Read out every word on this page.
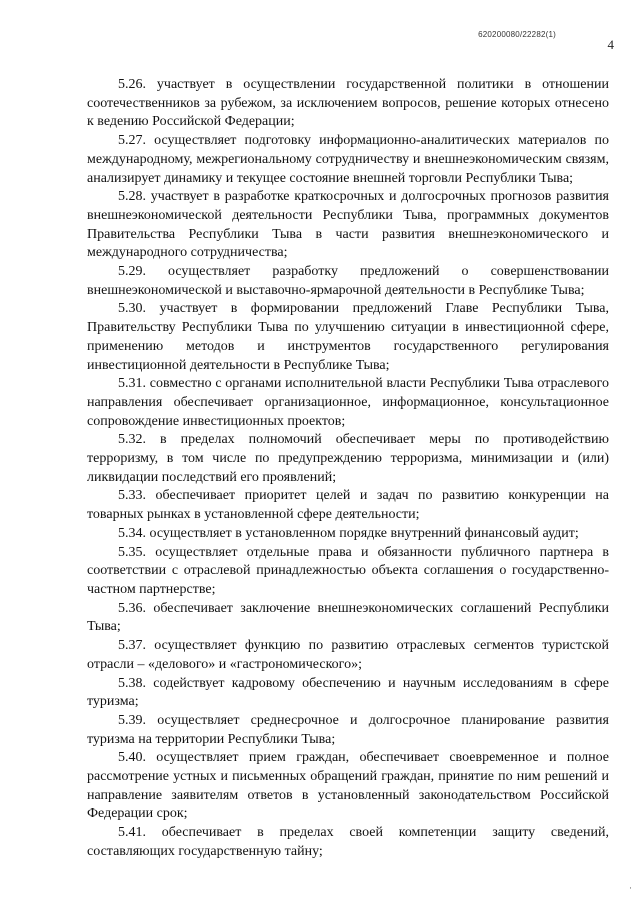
620200080/22282(1)
4

5.26. участвует в осуществлении государственной политики в отношении соотечественников за рубежом, за исключением вопросов, решение которых отнесено к ведению Российской Федерации;

5.27. осуществляет подготовку информационно-аналитических материалов по международному, межрегиональному сотрудничеству и внешнеэкономическим связям, анализирует динамику и текущее состояние внешней торговли Республики Тыва;

5.28. участвует в разработке краткосрочных и долгосрочных прогнозов развития внешнеэкономической деятельности Республики Тыва, программных документов Правительства Республики Тыва в части развития внешнеэкономического и международного сотрудничества;

5.29. осуществляет разработку предложений о совершенствовании внешнеэкономической и выставочно-ярмарочной деятельности в Республике Тыва;

5.30. участвует в формировании предложений Главе Республики Тыва, Правительству Республики Тыва по улучшению ситуации в инвестиционной сфере, применению методов и инструментов государственного регулирования инвестиционной деятельности в Республике Тыва;

5.31. совместно с органами исполнительной власти Республики Тыва отраслевого направления обеспечивает организационное, информационное, консультационное сопровождение инвестиционных проектов;

5.32. в пределах полномочий обеспечивает меры по противодействию терроризму, в том числе по предупреждению терроризма, минимизации и (или) ликвидации последствий его проявлений;

5.33. обеспечивает приоритет целей и задач по развитию конкуренции на товарных рынках в установленной сфере деятельности;

5.34. осуществляет в установленном порядке внутренний финансовый аудит;

5.35. осуществляет отдельные права и обязанности публичного партнера в соответствии с отраслевой принадлежностью объекта соглашения о государственно-частном партнерстве;

5.36. обеспечивает заключение внешнеэкономических соглашений Республики Тыва;

5.37. осуществляет функцию по развитию отраслевых сегментов туристской отрасли – «делового» и «гастрономического»;

5.38. содействует кадровому обеспечению и научным исследованиям в сфере туризма;

5.39. осуществляет среднесрочное и долгосрочное планирование развития туризма на территории Республики Тыва;

5.40. осуществляет прием граждан, обеспечивает своевременное и полное рассмотрение устных и письменных обращений граждан, принятие по ним решений и направление заявителям ответов в установленный законодательством Российской Федерации срок;

5.41. обеспечивает в пределах своей компетенции защиту сведений, составляющих государственную тайну;

·
